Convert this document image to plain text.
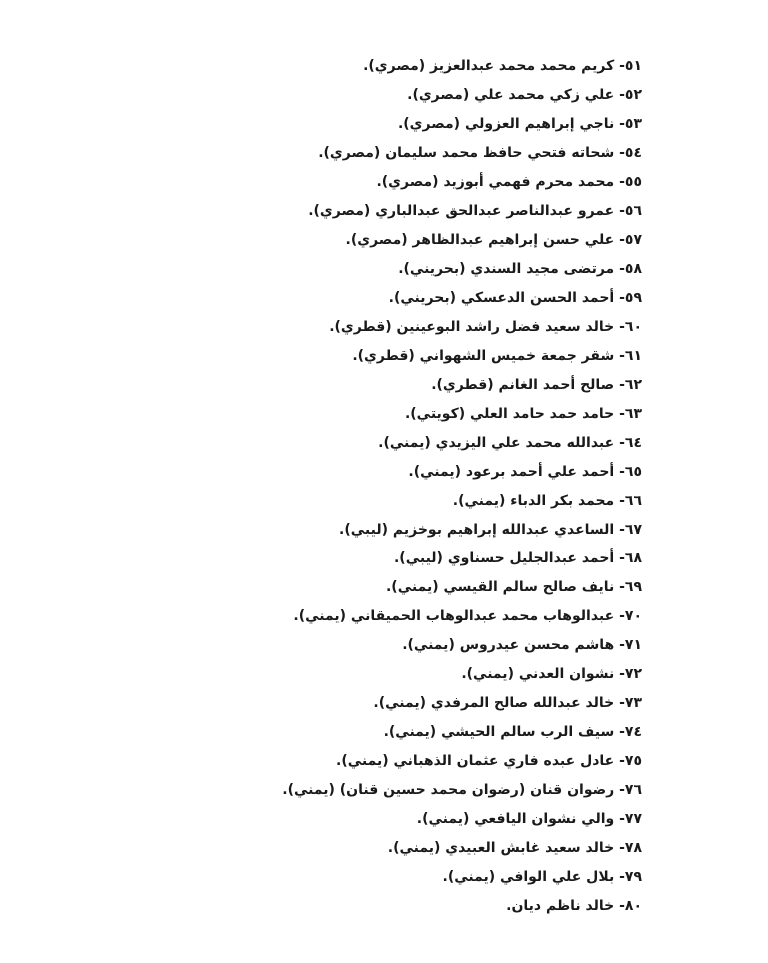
٥١- كريم محمد محمد عبدالعزيز (مصري).
٥٢- علي زكي محمد علي (مصري).
٥٣- ناجي إبراهيم العزولي (مصري).
٥٤- شحاته فتحي حافظ محمد سليمان (مصري).
٥٥- محمد محرم فهمي أبوزيد (مصري).
٥٦- عمرو عبدالناصر عبدالحق عبدالباري (مصري).
٥٧- علي حسن إبراهيم عبدالظاهر (مصري).
٥٨- مرتضى مجيد السندي (بحريني).
٥٩- أحمد الحسن الدعسكي (بحريني).
٦٠- خالد سعيد فضل راشد البوعينين (قطري).
٦١- شقر جمعة خميس الشهواني (قطري).
٦٢- صالح أحمد الغانم (قطري).
٦٣- حامد حمد حامد العلي (كويتي).
٦٤- عبدالله محمد علي اليزيدي (يمني).
٦٥- أحمد علي أحمد برعود (يمني).
٦٦- محمد بكر الدباء (يمني).
٦٧- الساعدي عبدالله إبراهيم بوخزيم (ليبي).
٦٨- أحمد عبدالجليل حسناوي (ليبي).
٦٩- نايف صالح سالم القيسي (يمني).
٧٠- عبدالوهاب محمد عبدالوهاب الحميقاني (يمني).
٧١- هاشم محسن عيدروس (يمني).
٧٢- نشوان العدني (يمني).
٧٣- خالد عبدالله صالح المرفدي (يمني).
٧٤- سيف الرب سالم الحيشي (يمني).
٧٥- عادل عبده فاري عثمان الذهباني (يمني).
٧٦- رضوان قنان (رضوان محمد حسين قنان) (يمني).
٧٧- والي نشوان اليافعي (يمني).
٧٨- خالد سعيد غابش العبيدي (يمني).
٧٩- بلال علي الوافي (يمني).
٨٠- خالد ناظم ديان.
